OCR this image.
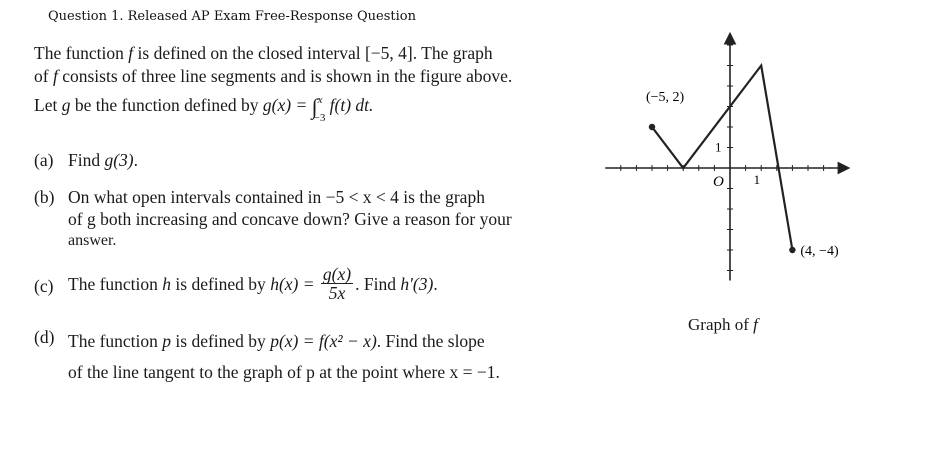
Question 1. Released AP Exam Free-Response Question
The function f is defined on the closed interval [−5, 4]. The graph
of f consists of three line segments and is shown in the figure above.
Let g be the function defined by g(x) = ∫ x
−3
f(t) dt.
(a) Find g(3).
(b) On what open intervals contained in −5 < x < 4 is the graph
of g both increasing and concave down? Give a reason for your
answer.
(c) The function h is defined by $h(x) = \frac{g(x)}{5x}$ . Find h′(3).
(d) The function p is defined by p(x) = f(x² − x). Find the slope
of the line tangent to the graph of p at the point where x = −1.
(−5, 2)
(4, −4)
O 1
1
Graph of f
